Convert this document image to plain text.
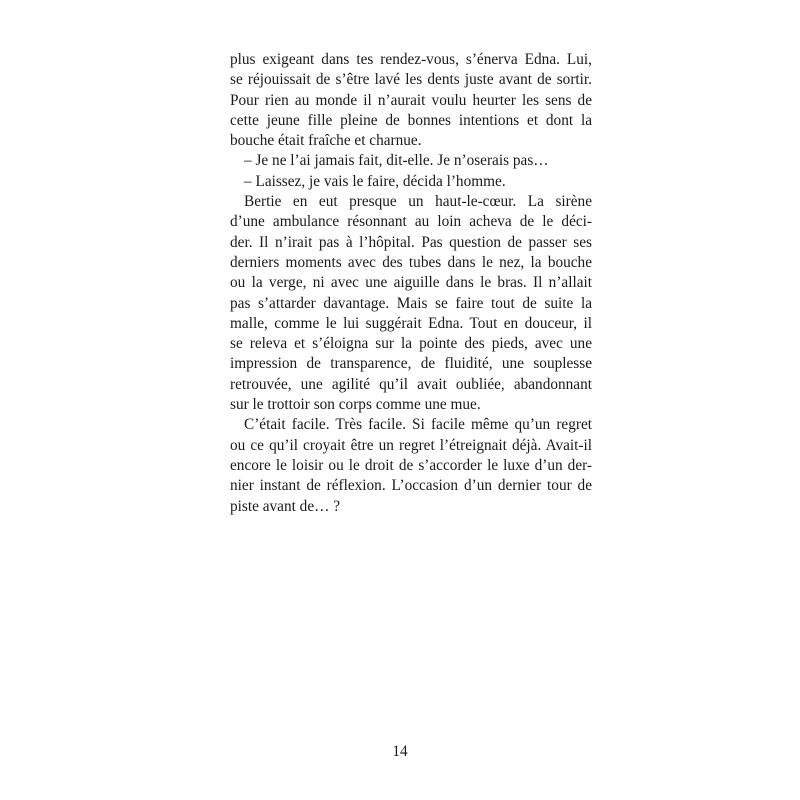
plus exigeant dans tes rendez-vous, s’énerva Edna. Lui,
se réjouissait de s’être lavé les dents juste avant de sortir.
Pour rien au monde il n’aurait voulu heurter les sens de
cette jeune fille pleine de bonnes intentions et dont la
bouche était fraîche et charnue.
– Je ne l’ai jamais fait, dit-elle. Je n’oserais pas…
– Laissez, je vais le faire, décida l’homme.
Bertie en eut presque un haut-le-cœur. La sirène
d’une ambulance résonnant au loin acheva de le déci-
der. Il n’irait pas à l’hôpital. Pas question de passer ses
derniers moments avec des tubes dans le nez, la bouche
ou la verge, ni avec une aiguille dans le bras. Il n’allait
pas s’attarder davantage. Mais se faire tout de suite la
malle, comme le lui suggérait Edna. Tout en douceur, il
se releva et s’éloigna sur la pointe des pieds, avec une
impression de transparence, de fluidité, une souplesse
retrouvée, une agilité qu’il avait oubliée, abandonnant
sur le trottoir son corps comme une mue.
C’était facile. Très facile. Si facile même qu’un regret
ou ce qu’il croyait être un regret l’étreignait déjà. Avait-il
encore le loisir ou le droit de s’accorder le luxe d’un der-
nier instant de réflexion. L’occasion d’un dernier tour de
piste avant de… ?
14
